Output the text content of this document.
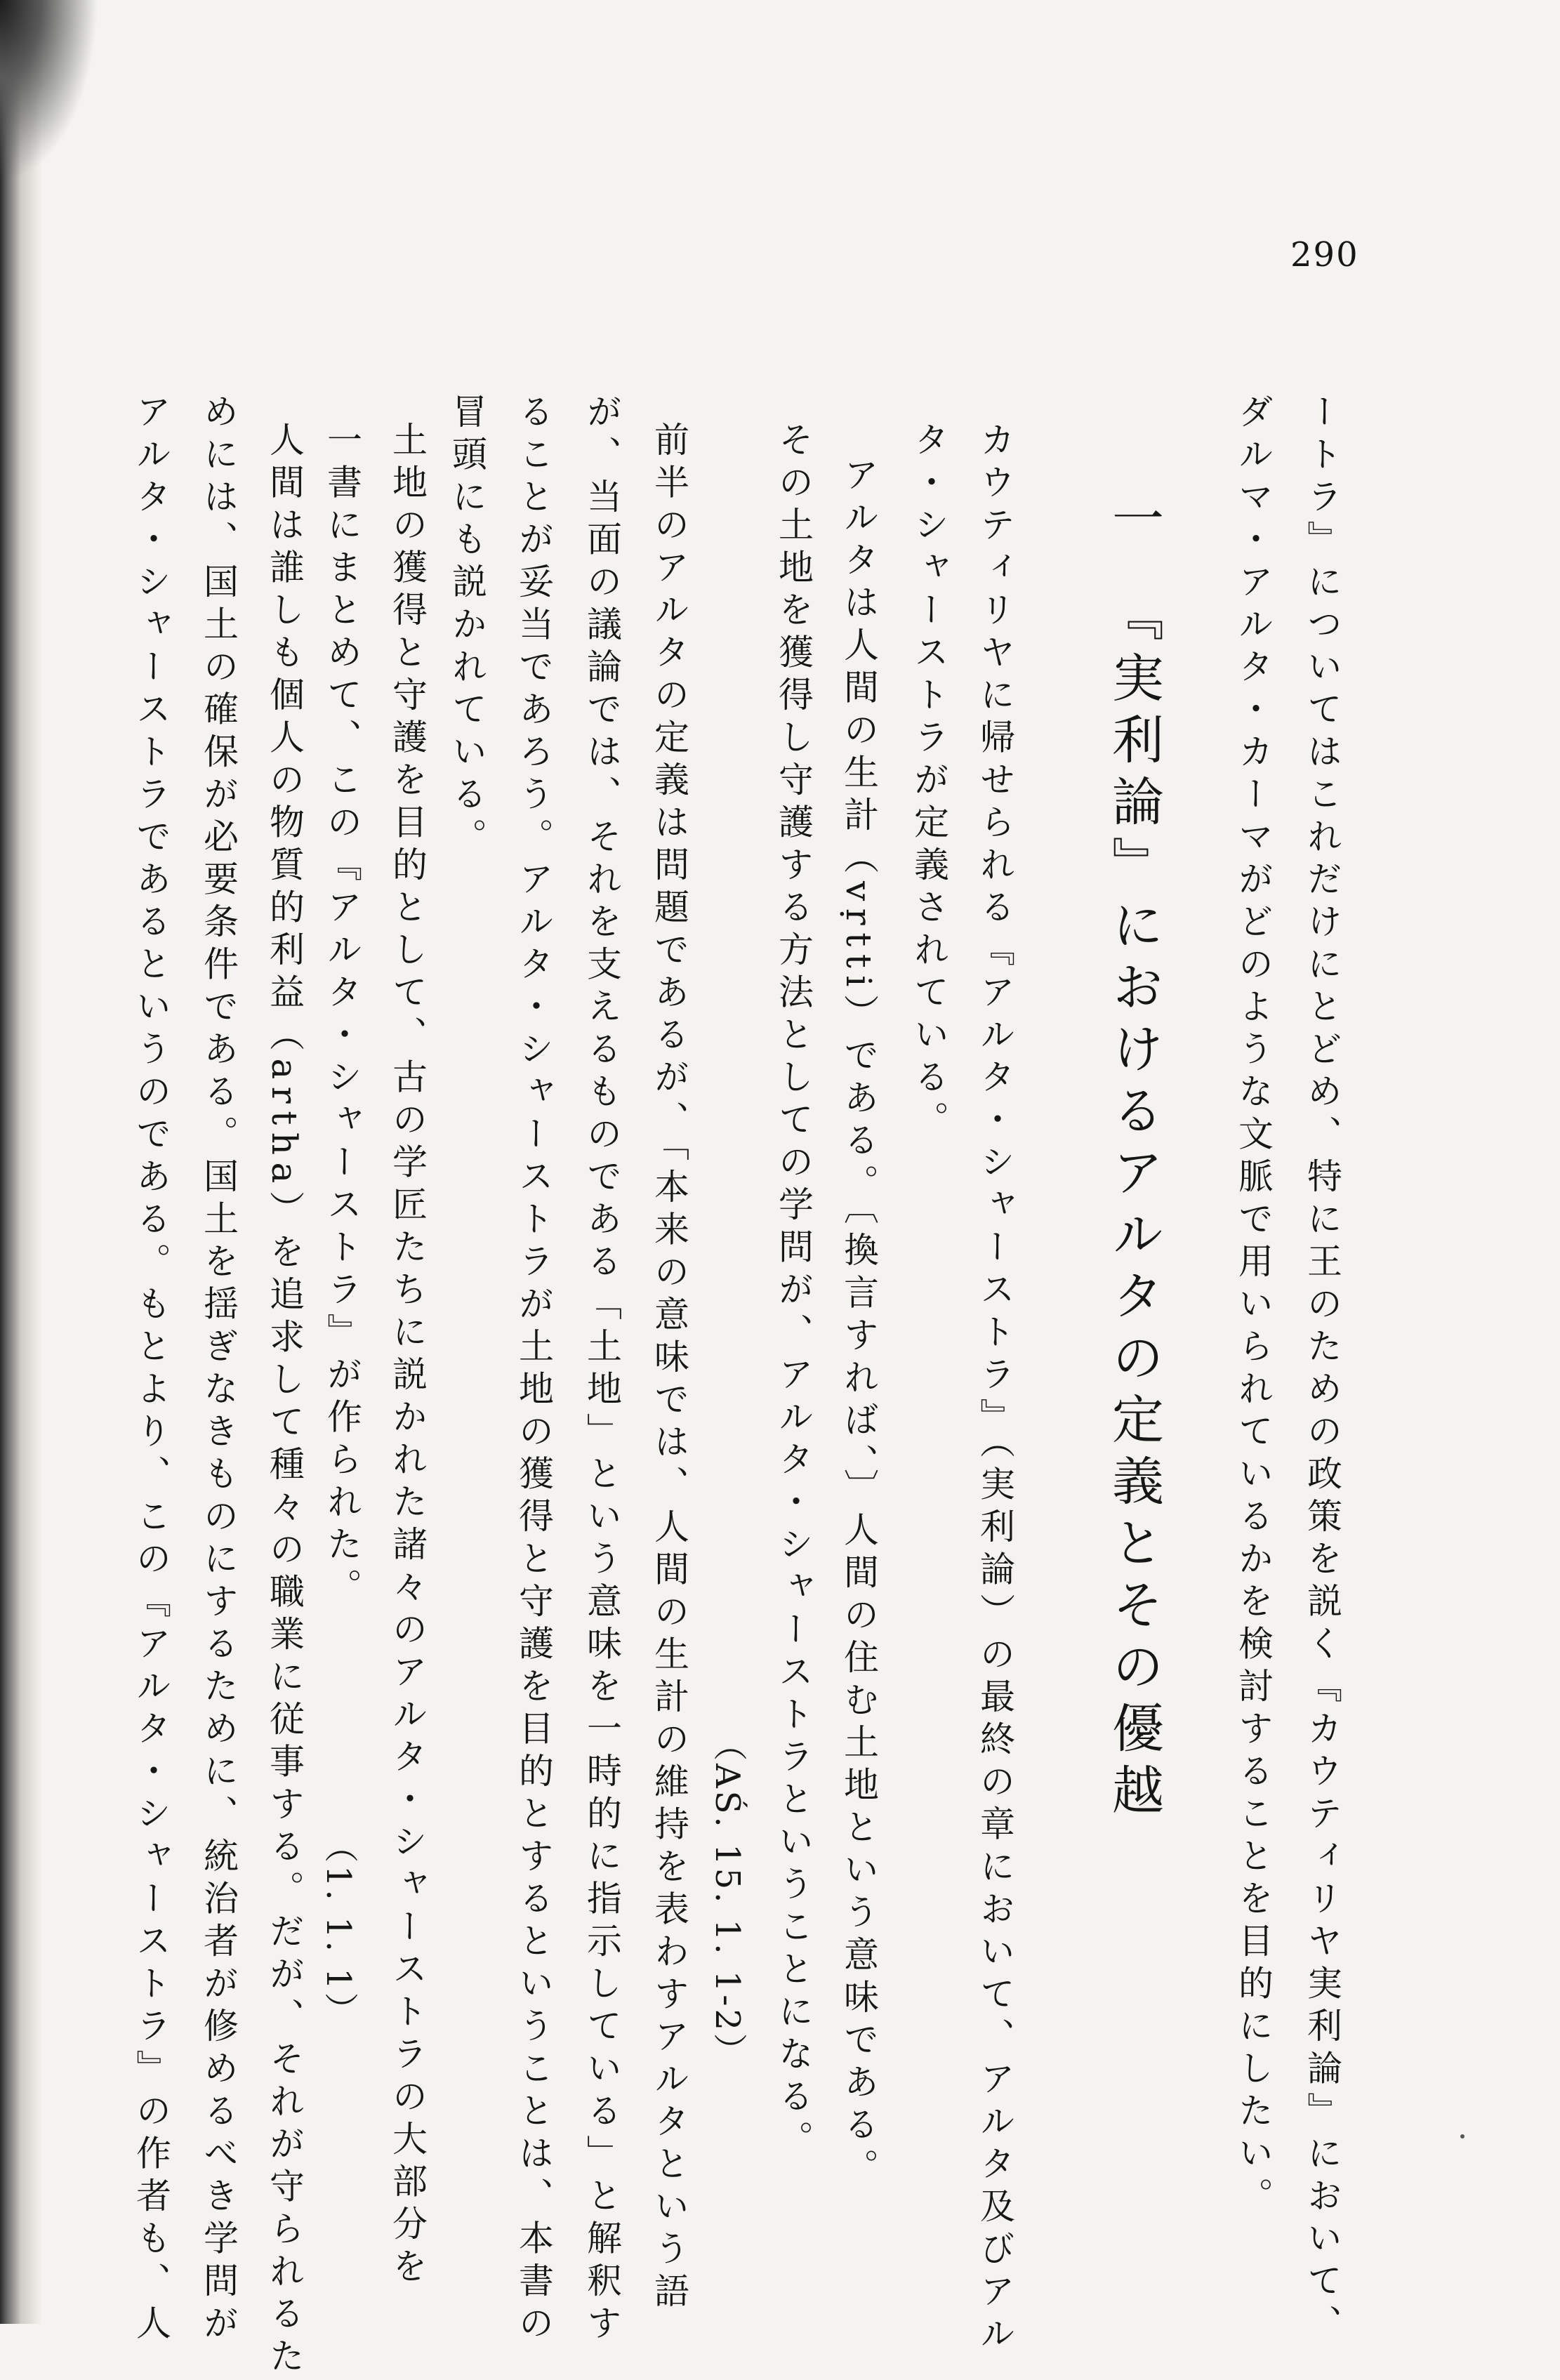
290
ートラ』についてはこれだけにとどめ、特に王のための政策を説く『カウティリヤ実利論』において、
ダルマ・アルタ・カーマがどのような文脈で用いられているかを検討することを目的にしたい。
一　『実利論』におけるアルタの定義とその優越
カウティリヤに帰せられる『アルタ・シャーストラ』（実利論）の最終の章において、アルタ及びアル
タ・シャーストラが定義されている。
アルタは人間の生計（vṛtti）である。〔換言すれば、〕人間の住む土地という意味である。
その土地を獲得し守護する方法としての学問が、アルタ・シャーストラということになる。
（AŚ. 15. 1. 1-2）
前半のアルタの定義は問題であるが、「本来の意味では、人間の生計の維持を表わすアルタという語
が、当面の議論では、それを支えるものである「土地」という意味を一時的に指示している」と解釈す
ることが妥当であろう。アルタ・シャーストラが土地の獲得と守護を目的とするということは、本書の
冒頭にも説かれている。
土地の獲得と守護を目的として、古の学匠たちに説かれた諸々のアルタ・シャーストラの大部分を
一書にまとめて、この『アルタ・シャーストラ』が作られた。
（1. 1. 1）
人間は誰しも個人の物質的利益（artha）を追求して種々の職業に従事する。だが、それが守られるた
めには、国土の確保が必要条件である。国土を揺ぎなきものにするために、統治者が修めるべき学問が
アルタ・シャーストラであるというのである。もとより、この『アルタ・シャーストラ』の作者も、人
